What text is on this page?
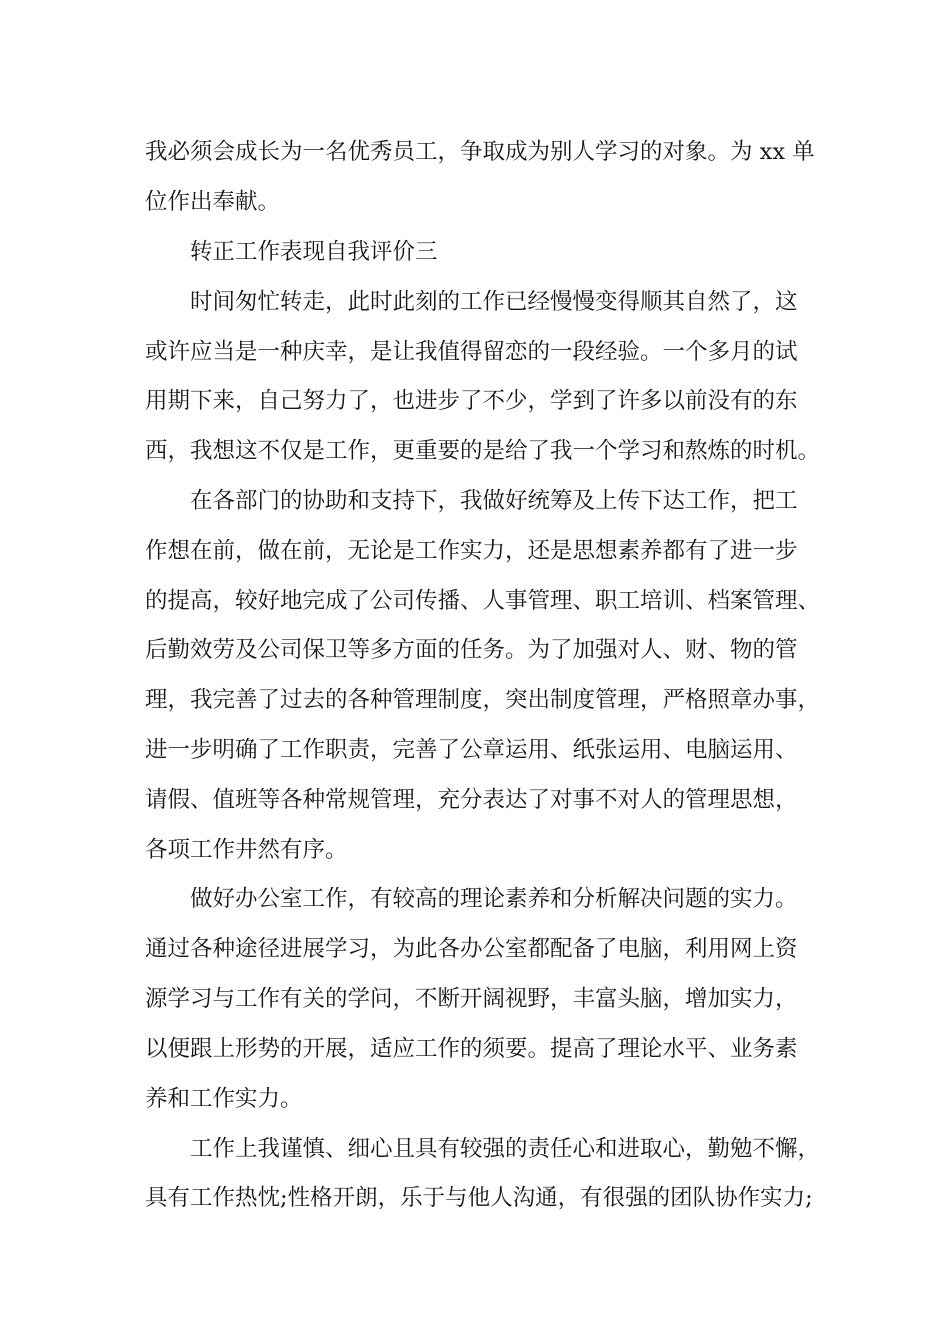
我必须会成长为一名优秀员工，争取成为别人学习的对象。为 xx 单

位作出奉献。

转正工作表现自我评价三

时间匆忙转走，此时此刻的工作已经慢慢变得顺其自然了，这

或许应当是一种庆幸，是让我值得留恋的一段经验。一个多月的试

用期下来，自己努力了，也进步了不少，学到了许多以前没有的东

西，我想这不仅是工作，更重要的是给了我一个学习和熬炼的时机。

在各部门的协助和支持下，我做好统筹及上传下达工作，把工

作想在前，做在前，无论是工作实力，还是思想素养都有了进一步

的提高，较好地完成了公司传播、人事管理、职工培训、档案管理、

后勤效劳及公司保卫等多方面的任务。为了加强对人、财、物的管

理，我完善了过去的各种管理制度，突出制度管理，严格照章办事，

进一步明确了工作职责，完善了公章运用、纸张运用、电脑运用、

请假、值班等各种常规管理，充分表达了对事不对人的管理思想，

各项工作井然有序。

做好办公室工作，有较高的理论素养和分析解决问题的实力。

通过各种途径进展学习，为此各办公室都配备了电脑，利用网上资

源学习与工作有关的学问，不断开阔视野，丰富头脑，增加实力，

以便跟上形势的开展，适应工作的须要。提高了理论水平、业务素

养和工作实力。

工作上我谨慎、细心且具有较强的责任心和进取心，勤勉不懈，

具有工作热忱;性格开朗，乐于与他人沟通，有很强的团队协作实力;
